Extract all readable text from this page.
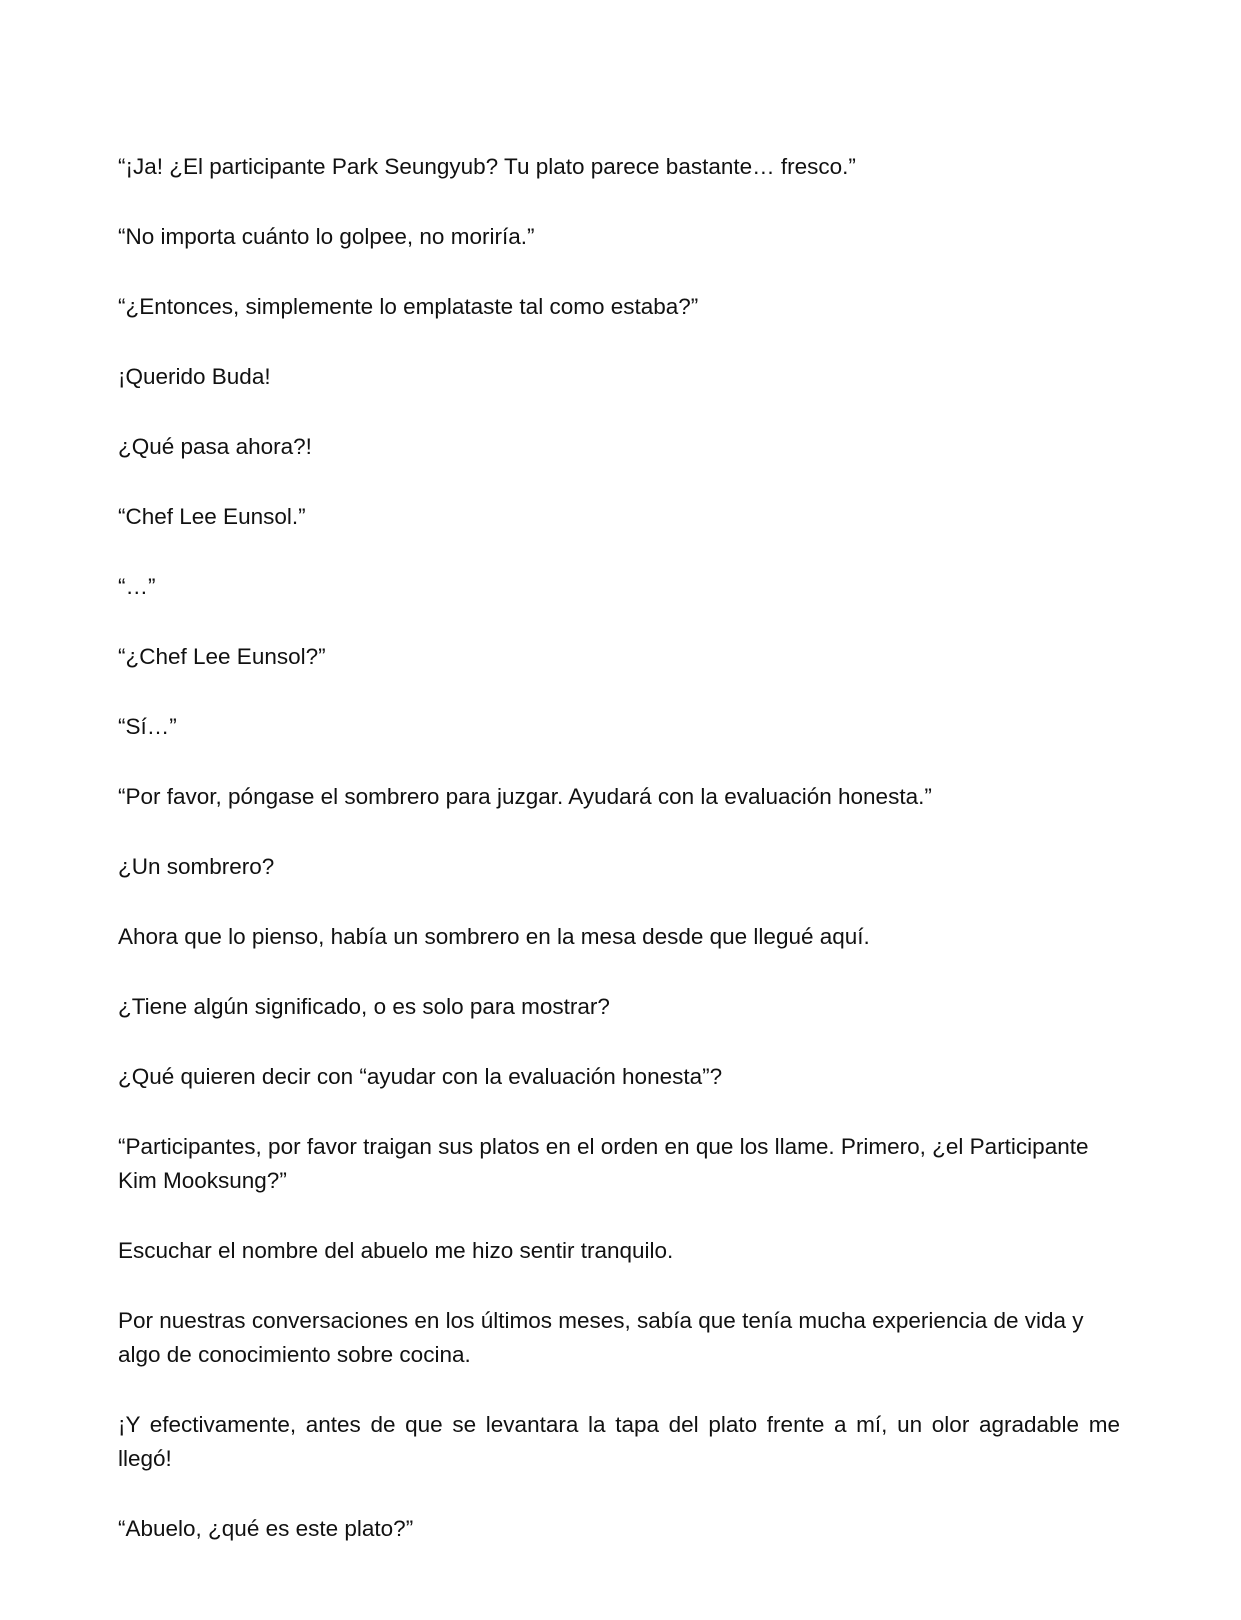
“¡Ja! ¿El participante Park Seungyub? Tu plato parece bastante… fresco.”

“No importa cuánto lo golpee, no moriría.”

“¿Entonces, simplemente lo emplataste tal como estaba?”

¡Querido Buda!

¿Qué pasa ahora?!

“Chef Lee Eunsol.”

“…”

“¿Chef Lee Eunsol?”

“Sí…”

“Por favor, póngase el sombrero para juzgar. Ayudará con la evaluación honesta.”

¿Un sombrero?

Ahora que lo pienso, había un sombrero en la mesa desde que llegué aquí.

¿Tiene algún significado, o es solo para mostrar?

¿Qué quieren decir con “ayudar con la evaluación honesta”?

“Participantes, por favor traigan sus platos en el orden en que los llame. Primero, ¿el Participante Kim Mooksung?”

Escuchar el nombre del abuelo me hizo sentir tranquilo.

Por nuestras conversaciones en los últimos meses, sabía que tenía mucha experiencia de vida y algo de conocimiento sobre cocina.

¡Y efectivamente, antes de que se levantara la tapa del plato frente a mí, un olor agradable me llegó!

“Abuelo, ¿qué es este plato?”
